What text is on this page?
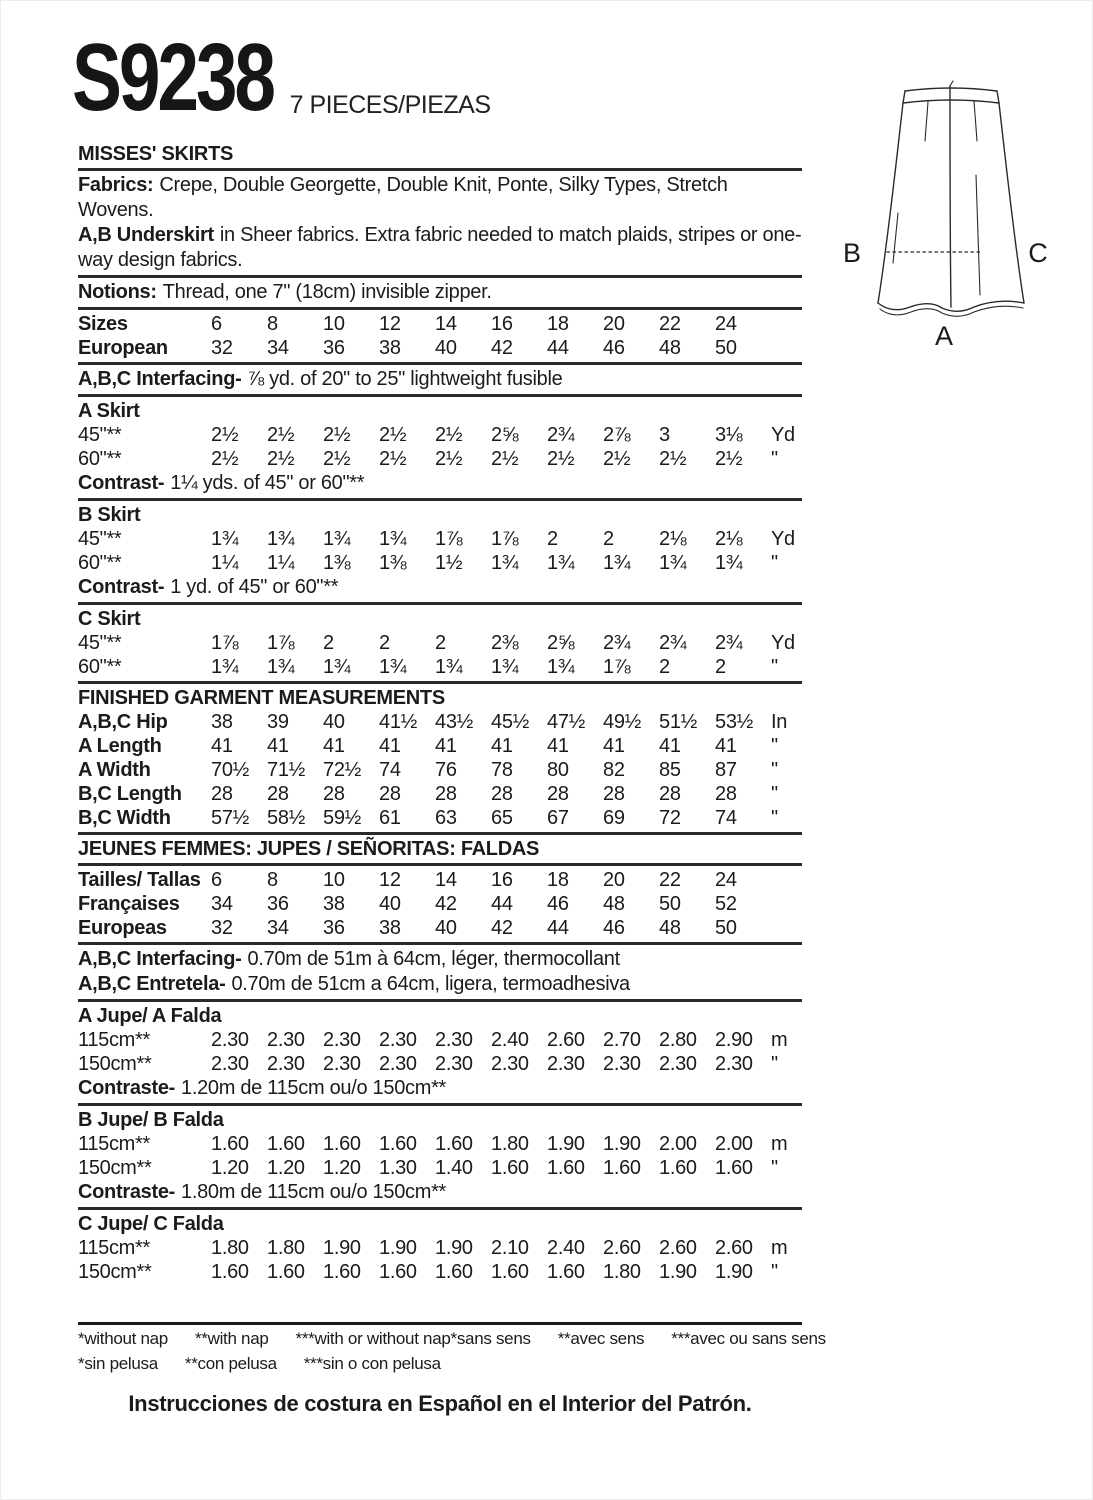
S9238 7 PIECES/PIEZAS
B	C
A
MISSES' SKIRTS

Fabrics: Crepe, Double Georgette, Double Knit, Ponte, Silky Types, Stretch Wovens.

A,B Underskirt in Sheer fabrics. Extra fabric needed to match plaids, stripes or one-way design fabrics.

Notions: Thread, one 7" (18cm) invisible zipper.

Sizes	6	8	10	12	14	16	18	20	22	24
European	32	34	36	38	40	42	44	46	48	50

A,B,C Interfacing- ⅞ yd. of 20" to 25" lightweight fusible

A Skirt
45"**	2½	2½	2½	2½	2½	2⅝	2¾	2⅞	3	3⅛	Yd
60"**	2½	2½	2½	2½	2½	2½	2½	2½	2½	2½	"

Contrast- 1¼ yds. of 45" or 60"**

B Skirt
45"**	1¾	1¾	1¾	1¾	1⅞	1⅞	2	2	2⅛	2⅛	Yd
60"**	1¼	1¼	1⅜	1⅜	1½	1¾	1¾	1¾	1¾	1¾	"

Contrast- 1 yd. of 45" or 60"**

C Skirt
45"**	1⅞	1⅞	2	2	2	2⅜	2⅝	2¾	2¾	2¾	Yd
60"**	1¾	1¾	1¾	1¾	1¾	1¾	1¾	1⅞	2	2	"
FINISHED GARMENT MEASUREMENTS
A,B,C Hip	38	39	40	41½ 43½ 45½ 47½ 49½ 51½ 53½ In
A Length	41	41	41	41	41	41	41	41	41	41	"
A Width	70½ 71½ 72½ 74	76	78	80	82	85	87	"
B,C Length	28	28	28	28	28	28	28	28	28	28	"
B,C Width	57½ 58½ 59½ 61	63	65	67	69	72	74	"
JEUNES FEMMES: JUPES / SEÑORITAS: FALDAS
Tailles/ Tallas 6	8	10	12	14	16	18	20	22	24
Françaises	34	36	38	40	42	44	46	48	50	52
Europeas	32	34	36	38	40	42	44	46	48	50

A,B,C Interfacing- 0.70m de 51m à 64cm, léger, thermocollant

A,B,C Entretela- 0.70m de 51cm a 64cm, ligera, termoadhesiva

A Jupe/ A Falda
115cm**	2.30 2.30 2.30 2.30 2.30 2.40 2.60 2.70 2.80 2.90 m
150cm**	2.30 2.30 2.30 2.30 2.30 2.30 2.30 2.30 2.30 2.30 "

Contraste- 1.20m de 115cm ou/o 150cm**

B Jupe/ B Falda
115cm**	1.60 1.60 1.60 1.60 1.60 1.80 1.90 1.90 2.00 2.00 m
150cm**	1.20 1.20 1.20 1.30 1.40 1.60 1.60 1.60 1.60 1.60 "

Contraste- 1.80m de 115cm ou/o 150cm**

C Jupe/ C Falda
115cm**	1.80 1.80 1.90 1.90 1.90 2.10 2.40 2.60 2.60 2.60 m
150cm**	1.60 1.60 1.60 1.60 1.60 1.60 1.60 1.80 1.90 1.90 "
*without nap **with nap ***with or without nap *sans sens **avec sens ***avec ou sans sens
*sin pelusa **con pelusa ***sin o con pelusa
Instrucciones de costura en Español en el Interior del Patrón.
